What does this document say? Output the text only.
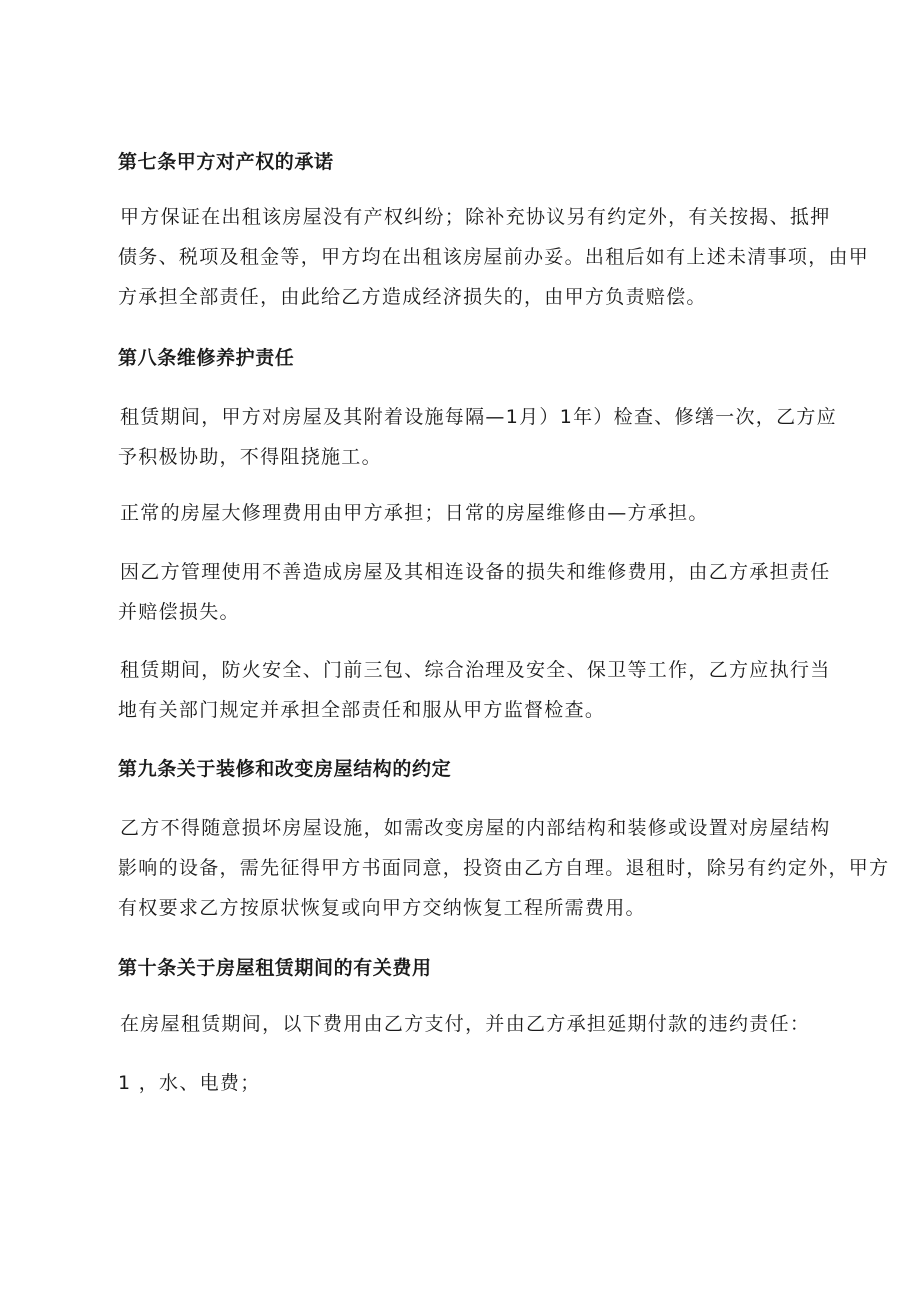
第七条甲方对产权的承诺
甲方保证在出租该房屋没有产权纠纷；除补充协议另有约定外，有关按揭、抵押
债务、税项及租金等，甲方均在出租该房屋前办妥。出租后如有上述未清事项，由甲
方承担全部责任，由此给乙方造成经济损失的，由甲方负责赔偿。
第八条维修养护责任
租赁期间，甲方对房屋及其附着设施每隔—1月）1年）检查、修缮一次，乙方应
予积极协助，不得阻挠施工。
正常的房屋大修理费用由甲方承担；日常的房屋维修由—方承担。
因乙方管理使用不善造成房屋及其相连设备的损失和维修费用，由乙方承担责任
并赔偿损失。
租赁期间，防火安全、门前三包、综合治理及安全、保卫等工作，乙方应执行当
地有关部门规定并承担全部责任和服从甲方监督检查。
第九条关于装修和改变房屋结构的约定
乙方不得随意损坏房屋设施，如需改变房屋的内部结构和装修或设置对房屋结构
影响的设备，需先征得甲方书面同意，投资由乙方自理。退租时，除另有约定外，甲方
有权要求乙方按原状恢复或向甲方交纳恢复工程所需费用。
第十条关于房屋租赁期间的有关费用
在房屋租赁期间，以下费用由乙方支付，并由乙方承担延期付款的违约责任：
1 ，水、电费；
